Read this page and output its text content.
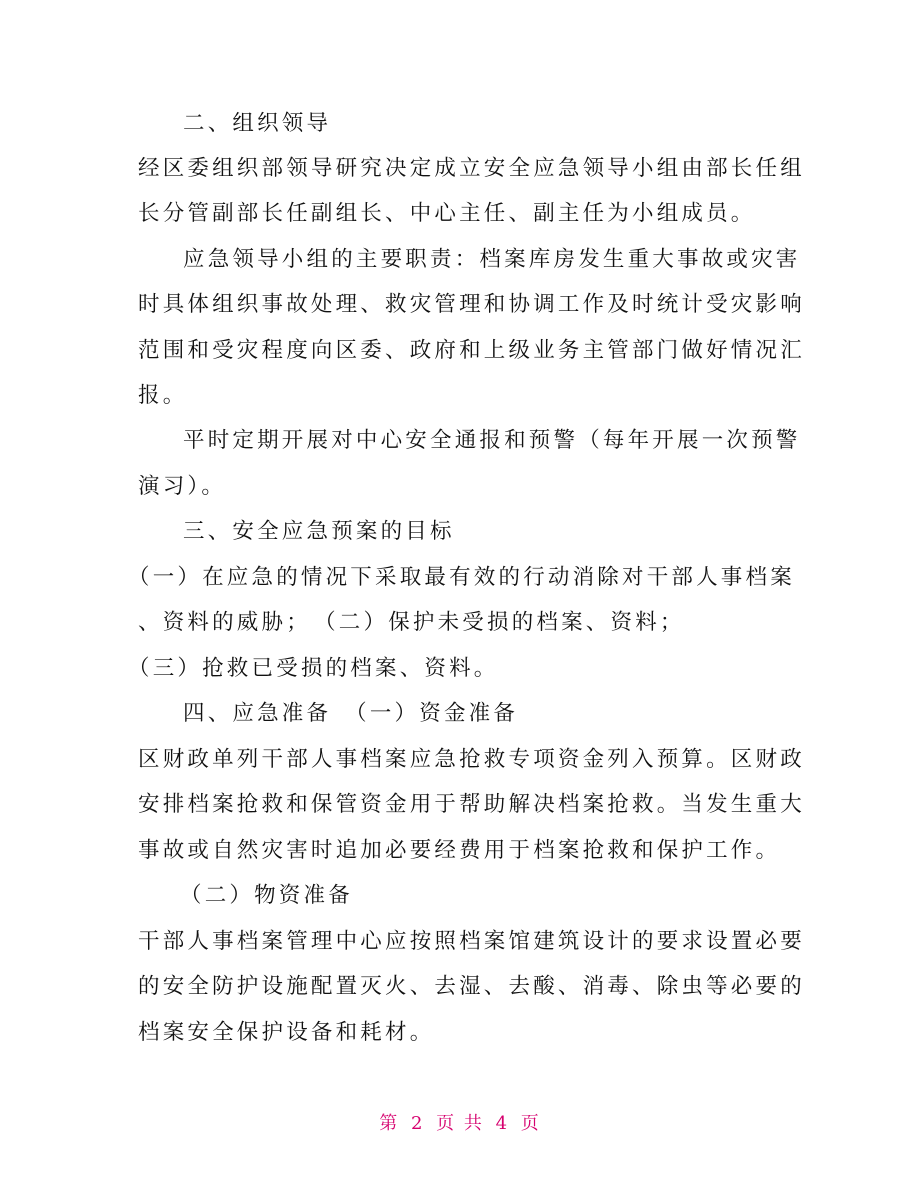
二、组织领导
经区委组织部领导研究决定成立安全应急领导小组由部长任组
长分管副部长任副组长、中心主任、副主任为小组成员。
应急领导小组的主要职责：档案库房发生重大事故或灾害
时具体组织事故处理、救灾管理和协调工作及时统计受灾影响
范围和受灾程度向区委、政府和上级业务主管部门做好情况汇
报。
平时定期开展对中心安全通报和预警（每年开展一次预警
演习）。
三、安全应急预案的目标
（一）在应急的情况下采取最有效的行动消除对干部人事档案
、资料的威胁；　（二）保护未受损的档案、资料；
（三）抢救已受损的档案、资料。
四、应急准备　（一）资金准备
区财政单列干部人事档案应急抢救专项资金列入预算。区财政
安排档案抢救和保管资金用于帮助解决档案抢救。当发生重大
事故或自然灾害时追加必要经费用于档案抢救和保护工作。
（二）物资准备
干部人事档案管理中心应按照档案馆建筑设计的要求设置必要
的安全防护设施配置灭火、去湿、去酸、消毒、除虫等必要的
档案安全保护设备和耗材。
第 2 页 共 4 页
